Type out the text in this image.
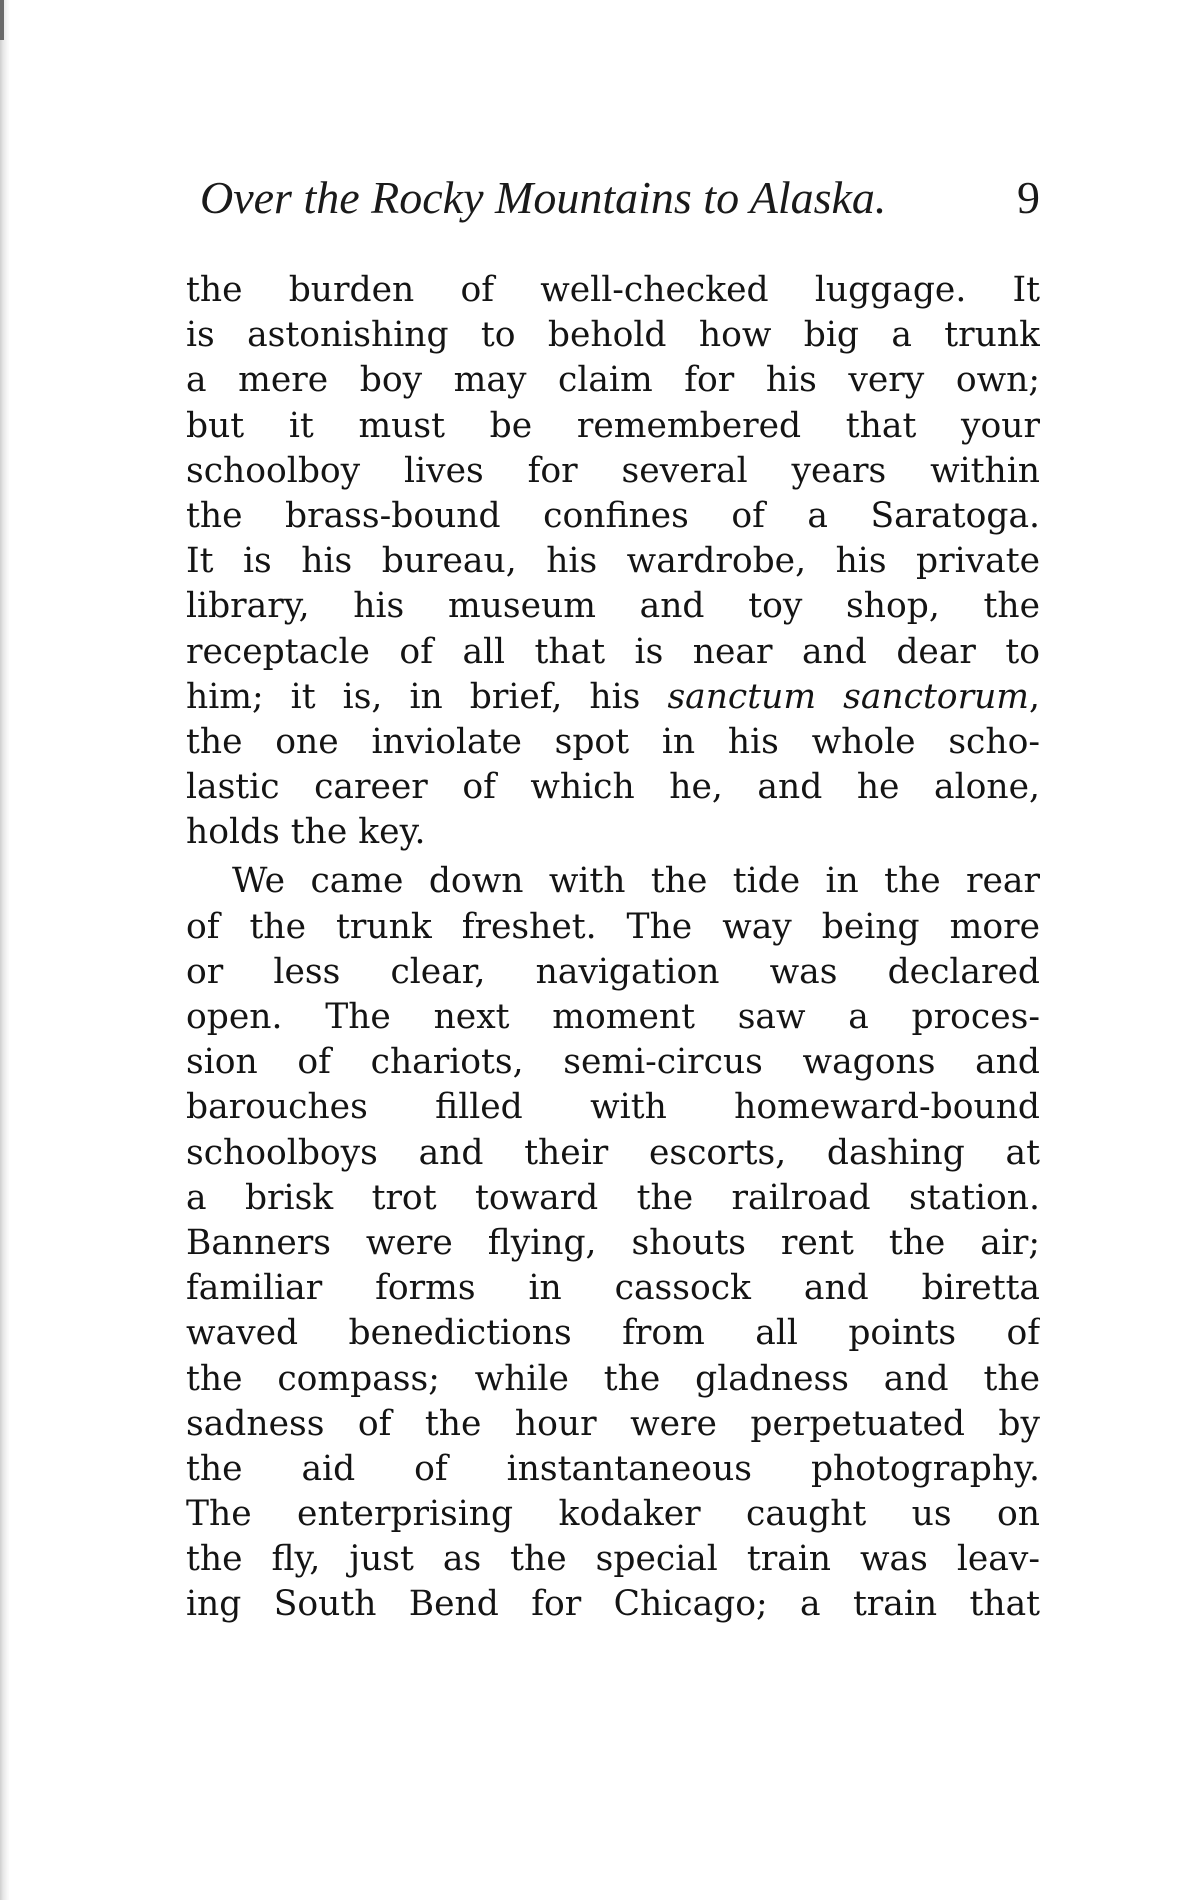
Over the Rocky Mountains to Alaska.	9
the burden of well-checked luggage. It
is astonishing to behold how big a trunk
a mere boy may claim for his very own;
but it must be remembered that your
schoolboy lives for several years within
the brass-bound confines of a Saratoga.
It is his bureau, his wardrobe, his private
library, his museum and toy shop, the
receptacle of all that is near and dear to
him; it is, in brief, his sanctum sanctorum,
the one inviolate spot in his whole scho-
lastic career of which he, and he alone,
holds the key.
We came down with the tide in the rear
of the trunk freshet. The way being more
or less clear, navigation was declared
open. The next moment saw a proces-
sion of chariots, semi-circus wagons and
barouches filled with homeward-bound
schoolboys and their escorts, dashing at
a brisk trot toward the railroad station.
Banners were flying, shouts rent the air;
familiar forms in cassock and biretta
waved benedictions from all points of
the compass; while the gladness and the
sadness of the hour were perpetuated by
the aid of instantaneous photography.
The enterprising kodaker caught us on
the fly, just as the special train was leav-
ing South Bend for Chicago; a train that
